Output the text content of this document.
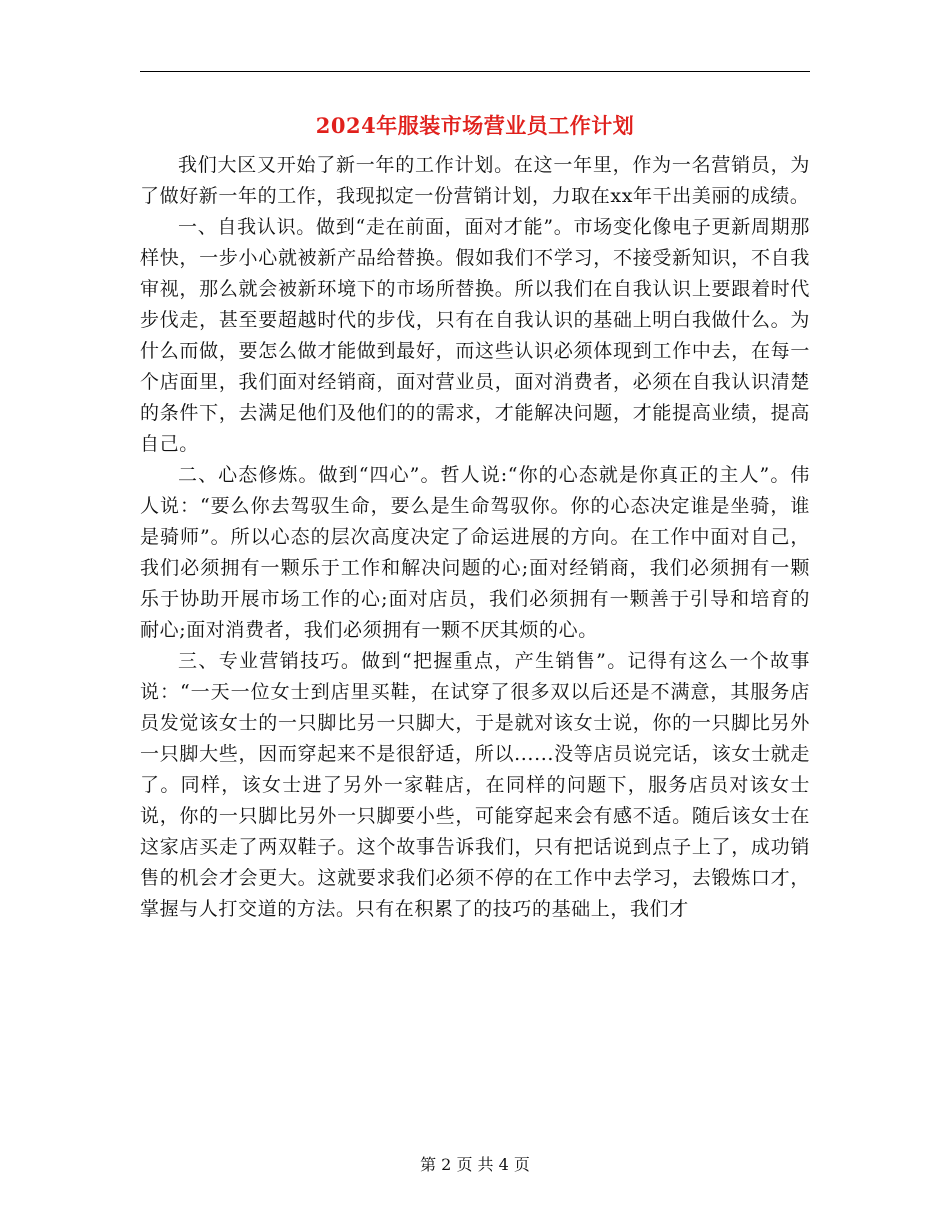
2024年服装市场营业员工作计划

我们大区又开始了新一年的工作计划。在这一年里，作为一名营销员，为了做好新一年的工作，我现拟定一份营销计划，力取在xx年干出美丽的成绩。

一、自我认识。做到“走在前面，面对才能”。市场变化像电子更新周期那样快，一步小心就被新产品给替换。假如我们不学习，不接受新知识，不自我审视，那么就会被新环境下的市场所替换。所以我们在自我认识上要跟着时代步伐走，甚至要超越时代的步伐，只有在自我认识的基础上明白我做什么。为什么而做，要怎么做才能做到最好，而这些认识必须体现到工作中去，在每一个店面里，我们面对经销商，面对营业员，面对消费者，必须在自我认识清楚的条件下，去满足他们及他们的的需求，才能解决问题，才能提高业绩，提高自己。

二、心态修炼。做到“四心”。哲人说:“你的心态就是你真正的主人”。伟人说：“要么你去驾驭生命，要么是生命驾驭你。你的心态决定谁是坐骑，谁是骑师”。所以心态的层次高度决定了命运进展的方向。在工作中面对自己，我们必须拥有一颗乐于工作和解决问题的心;面对经销商，我们必须拥有一颗乐于协助开展市场工作的心;面对店员，我们必须拥有一颗善于引导和培育的耐心;面对消费者，我们必须拥有一颗不厌其烦的心。

三、专业营销技巧。做到“把握重点，产生销售”。记得有这么一个故事说：“一天一位女士到店里买鞋，在试穿了很多双以后还是不满意，其服务店员发觉该女士的一只脚比另一只脚大，于是就对该女士说，你的一只脚比另外一只脚大些，因而穿起来不是很舒适，所以......没等店员说完话，该女士就走了。同样，该女士进了另外一家鞋店，在同样的问题下，服务店员对该女士说，你的一只脚比另外一只脚要小些，可能穿起来会有感不适。随后该女士在这家店买走了两双鞋子。这个故事告诉我们，只有把话说到点子上了，成功销售的机会才会更大。这就要求我们必须不停的在工作中去学习，去锻炼口才，掌握与人打交道的方法。只有在积累了的技巧的基础上，我们才

第 2 页 共 4 页
